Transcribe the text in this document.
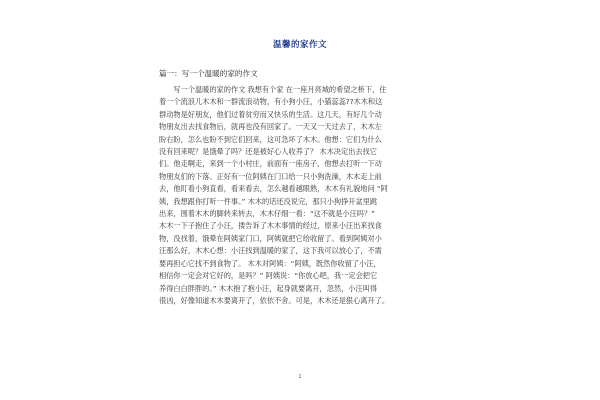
温馨的家作文
篇一：写一个温暖的家的作文
　　写一个温暖的家的作文 我想有个家 在一座月亮城的希望之桥下，住
着一个流浪儿木木和一群流浪动物，有小狗小汪，小猫蕊蕊??木木和这
群动物是好朋友，他们过着贫穷而又快乐的生活。这几天，有好几个动
物朋友出去找食物后，就再也没有回家了。一天又一天过去了，木木左
盼右盼，怎么也盼不到它们回来，这可急坏了木木。他想：它们为什么
没有回来呢？是饿晕了吗？还是被好心人收养了？ 木木决定出去找它
们。他走啊走，来到一个小村庄，前面有一座房子，他想去打听一下动
物朋友们的下落。正好有一位阿姨在门口给一只小狗洗澡，木木走上前
去，他盯看小狗直看，看来看去，怎么越看越眼熟，木木有礼貌地问 “阿
姨，我想跟你打听一件事。” 木木的话还没说完，那只小狗挣开盆里跳
出来，围着木木的脚转来转去，木木仔细一看：“这不就是小汪吗？”
木木一下子抱住了小汪，搂告诉了木木事情的经过，原来小汪出来找食
物，没找着，饿晕在阿姨家门口，阿姨就把它给收留了。看到阿姨对小
汪那么好，木木心想：小汪找到温暖的家了，这下我可以放心了，不需
要再担心它找不到食物了。 木木对阿姨：“阿姨，既然你收留了小汪，
相信你一定会对它好的，是吗？” 阿姨说：“你放心吧，我一定会把它
养得白白胖胖的。” 木木抱了抱小汪，起身就要离开，忽然，小汪叫得
很凶，好像知道木木要离开了，依依不舍。可是，木木还是狠心离开了。
1
